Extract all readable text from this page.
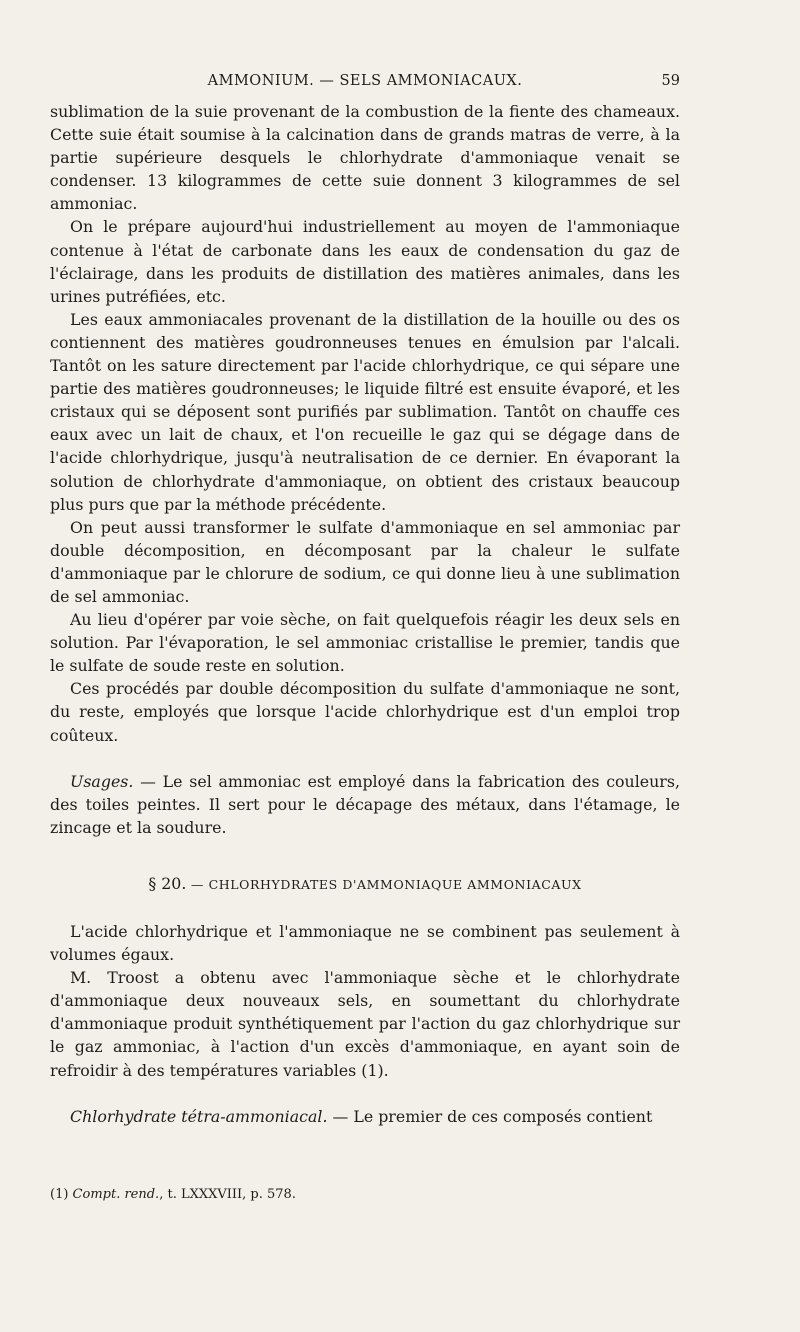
AMMONIUM. — SELS AMMONIACAUX.	59

sublimation de la suie provenant de la combustion de la fiente des chameaux. Cette suie était soumise à la calcination dans de grands matras de verre, à la partie supérieure desquels le chlorhydrate d'ammoniaque venait se condenser. 13 kilogrammes de cette suie donnent 3 kilogrammes de sel ammoniac.

On le prépare aujourd'hui industriellement au moyen de l'ammoniaque contenue à l'état de carbonate dans les eaux de condensation du gaz de l'éclairage, dans les produits de distillation des matières animales, dans les urines putréfiées, etc.

Les eaux ammoniacales provenant de la distillation de la houille ou des os contiennent des matières goudronneuses tenues en émulsion par l'alcali. Tantôt on les sature directement par l'acide chlorhydrique, ce qui sépare une partie des matières goudronneuses; le liquide filtré est ensuite évaporé, et les cristaux qui se déposent sont purifiés par sublimation. Tantôt on chauffe ces eaux avec un lait de chaux, et l'on recueille le gaz qui se dégage dans de l'acide chlorhydrique, jusqu'à neutralisation de ce dernier. En évaporant la solution de chlorhydrate d'ammoniaque, on obtient des cristaux beaucoup plus purs que par la méthode précédente.

On peut aussi transformer le sulfate d'ammoniaque en sel ammoniac par double décomposition, en décomposant par la chaleur le sulfate d'ammoniaque par le chlorure de sodium, ce qui donne lieu à une sublimation de sel ammoniac.

Au lieu d'opérer par voie sèche, on fait quelquefois réagir les deux sels en solution. Par l'évaporation, le sel ammoniac cristallise le premier, tandis que le sulfate de soude reste en solution.

Ces procédés par double décomposition du sulfate d'ammoniaque ne sont, du reste, employés que lorsque l'acide chlorhydrique est d'un emploi trop coûteux.

Usages. — Le sel ammoniac est employé dans la fabrication des couleurs, des toiles peintes. Il sert pour le décapage des métaux, dans l'étamage, le zincage et la soudure.

§ 20. — CHLORHYDRATES D'AMMONIAQUE AMMONIACAUX

L'acide chlorhydrique et l'ammoniaque ne se combinent pas seulement à volumes égaux.

M. Troost a obtenu avec l'ammoniaque sèche et le chlorhydrate d'ammoniaque deux nouveaux sels, en soumettant du chlorhydrate d'ammoniaque produit synthétiquement par l'action du gaz chlorhydrique sur le gaz ammoniac, à l'action d'un excès d'ammoniaque, en ayant soin de refroidir à des températures variables (1).

Chlorhydrate tétra-ammoniacal. — Le premier de ces composés contient

(1) Compt. rend., t. LXXXVIII, p. 578.
